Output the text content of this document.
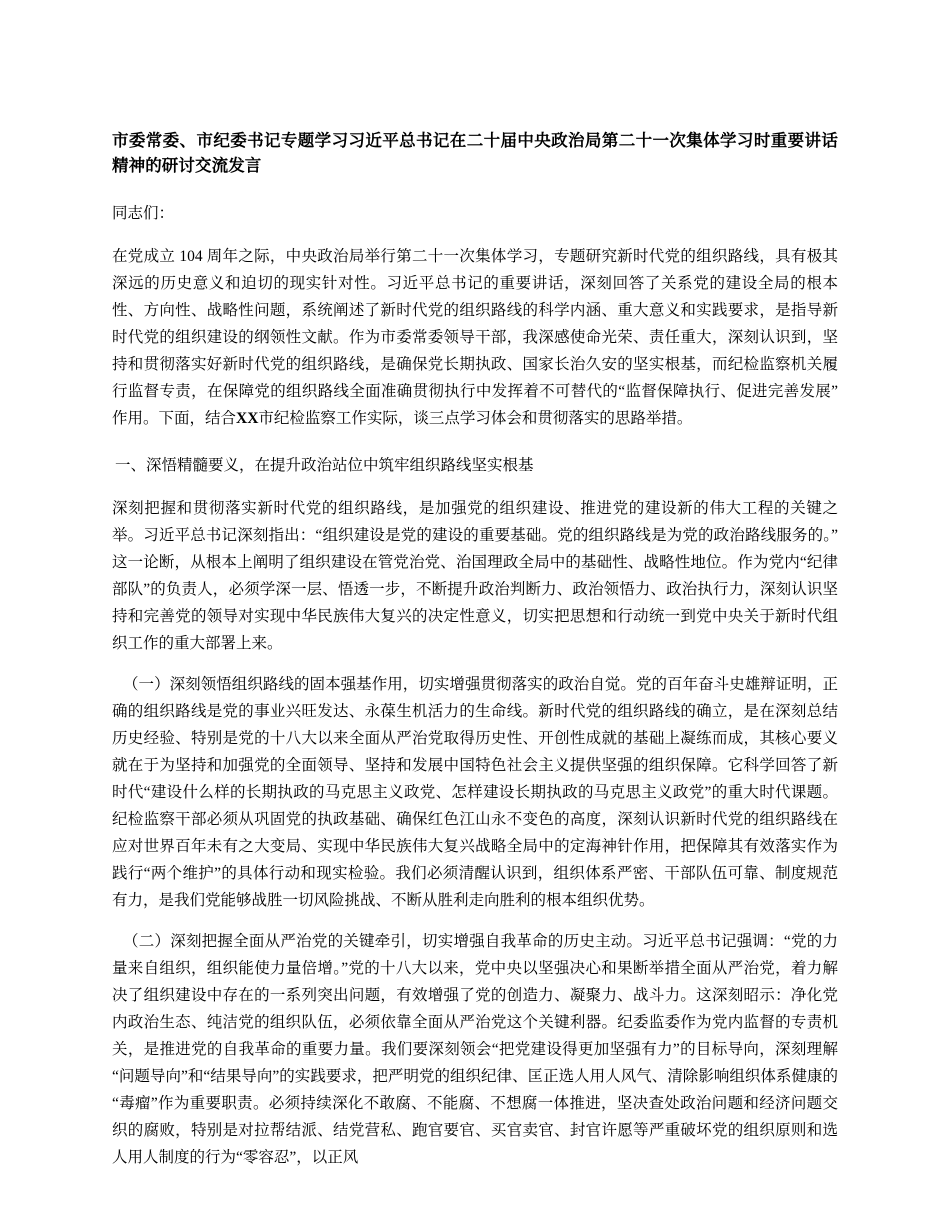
市委常委、市纪委书记专题学习习近平总书记在二十届中央政治局第二十一次集体学习时重要讲话精神的研讨交流发言

同志们：

在党成立 104 周年之际，中央政治局举行第二十一次集体学习，专题研究新时代党的组织路线，具有极其深远的历史意义和迫切的现实针对性。习近平总书记的重要讲话，深刻回答了关系党的建设全局的根本性、方向性、战略性问题，系统阐述了新时代党的组织路线的科学内涵、重大意义和实践要求，是指导新时代党的组织建设的纲领性文献。作为市委常委领导干部，我深感使命光荣、责任重大，深刻认识到，坚持和贯彻落实好新时代党的组织路线，是确保党长期执政、国家长治久安的坚实根基，而纪检监察机关履行监督专责，在保障党的组织路线全面准确贯彻执行中发挥着不可替代的“监督保障执行、促进完善发展”作用。下面，结合XX市纪检监察工作实际，谈三点学习体会和贯彻落实的思路举措。

一、深悟精髓要义，在提升政治站位中筑牢组织路线坚实根基

深刻把握和贯彻落实新时代党的组织路线，是加强党的组织建设、推进党的建设新的伟大工程的关键之举。习近平总书记深刻指出：“组织建设是党的建设的重要基础。党的组织路线是为党的政治路线服务的。”这一论断，从根本上阐明了组织建设在管党治党、治国理政全局中的基础性、战略性地位。作为党内“纪律部队”的负责人，必须学深一层、悟透一步，不断提升政治判断力、政治领悟力、政治执行力，深刻认识坚持和完善党的领导对实现中华民族伟大复兴的决定性意义，切实把思想和行动统一到党中央关于新时代组织工作的重大部署上来。

（一）深刻领悟组织路线的固本强基作用，切实增强贯彻落实的政治自觉。党的百年奋斗史雄辩证明，正确的组织路线是党的事业兴旺发达、永葆生机活力的生命线。新时代党的组织路线的确立，是在深刻总结历史经验、特别是党的十八大以来全面从严治党取得历史性、开创性成就的基础上凝练而成，其核心要义就在于为坚持和加强党的全面领导、坚持和发展中国特色社会主义提供坚强的组织保障。它科学回答了新时代“建设什么样的长期执政的马克思主义政党、怎样建设长期执政的马克思主义政党”的重大时代课题。纪检监察干部必须从巩固党的执政基础、确保红色江山永不变色的高度，深刻认识新时代党的组织路线在应对世界百年未有之大变局、实现中华民族伟大复兴战略全局中的定海神针作用，把保障其有效落实作为践行“两个维护”的具体行动和现实检验。我们必须清醒认识到，组织体系严密、干部队伍可靠、制度规范有力，是我们党能够战胜一切风险挑战、不断从胜利走向胜利的根本组织优势。

（二）深刻把握全面从严治党的关键牵引，切实增强自我革命的历史主动。习近平总书记强调：“党的力量来自组织，组织能使力量倍增。”党的十八大以来，党中央以坚强决心和果断举措全面从严治党，着力解决了组织建设中存在的一系列突出问题，有效增强了党的创造力、凝聚力、战斗力。这深刻昭示：净化党内政治生态、纯洁党的组织队伍，必须依靠全面从严治党这个关键利器。纪委监委作为党内监督的专责机关，是推进党的自我革命的重要力量。我们要深刻领会“把党建设得更加坚强有力”的目标导向，深刻理解“问题导向”和“结果导向”的实践要求，把严明党的组织纪律、匡正选人用人风气、清除影响组织体系健康的“毒瘤”作为重要职责。必须持续深化不敢腐、不能腐、不想腐一体推进，坚决查处政治问题和经济问题交织的腐败，特别是对拉帮结派、结党营私、跑官要官、买官卖官、封官许愿等严重破坏党的组织原则和选人用人制度的行为“零容忍”，以正风
